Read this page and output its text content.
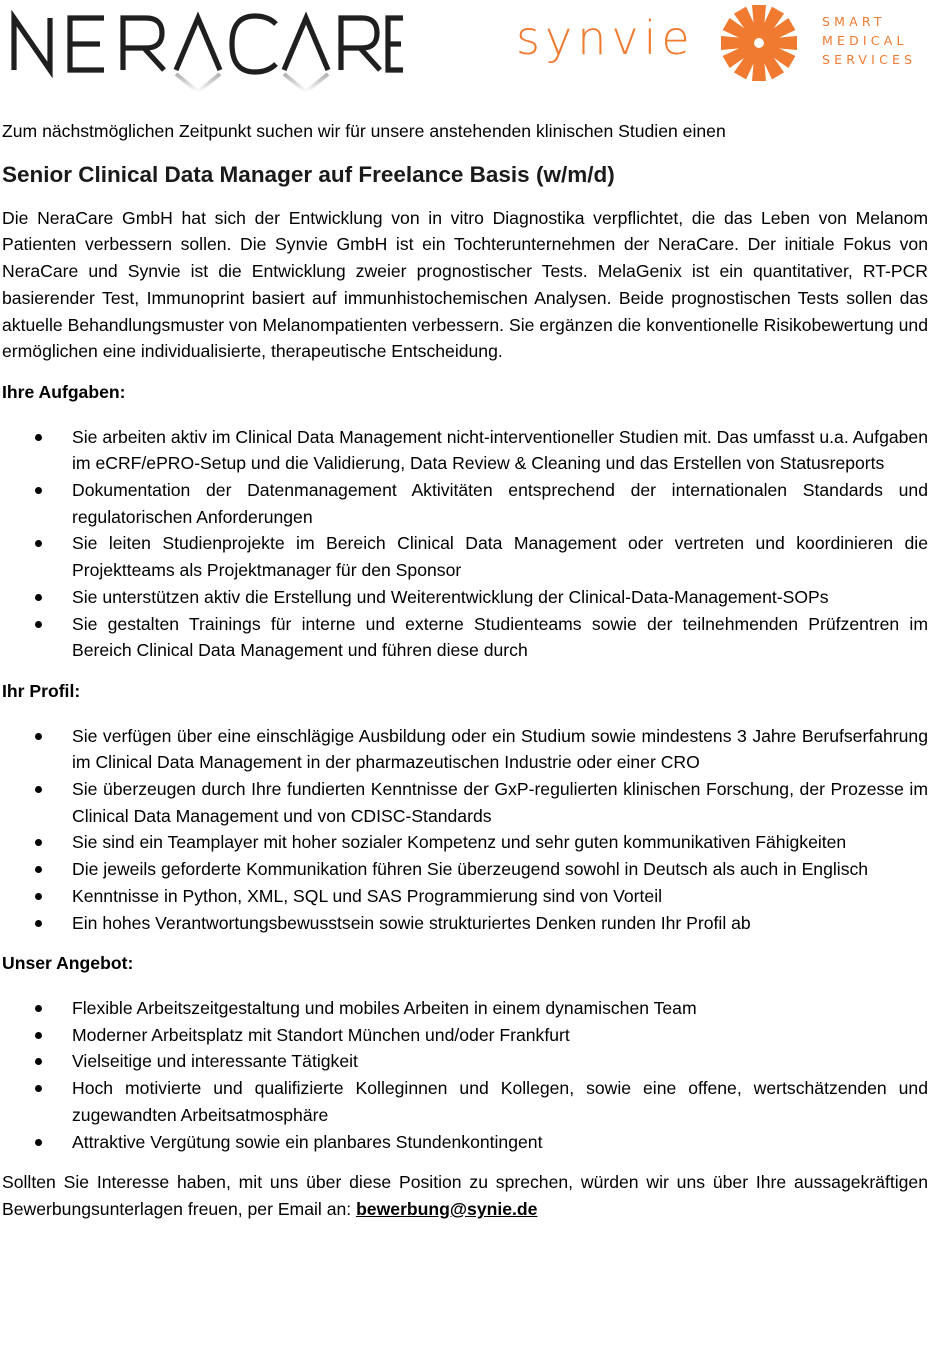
synvie	SMART
MEDICAL
SERVICES

Zum nächstmöglichen Zeitpunkt suchen wir für unsere anstehenden klinischen Studien einen

Senior Clinical Data Manager auf Freelance Basis (w/m/d)

Die NeraCare GmbH hat sich der Entwicklung von in vitro Diagnostika verpflichtet, die das Leben von Melanom Patienten verbessern sollen. Die Synvie GmbH ist ein Tochterunternehmen der NeraCare. Der initiale Fokus von NeraCare und Synvie ist die Entwicklung zweier prognostischer Tests. MelaGenix ist ein quantitativer, RT-PCR basierender Test, Immunoprint basiert auf immunhistochemischen Analysen. Beide prognostischen Tests sollen das aktuelle Behandlungsmuster von Melanompatienten verbessern. Sie ergänzen die konventionelle Risikobewertung und ermöglichen eine individualisierte, therapeutische Entscheidung.

Ihre Aufgaben:

Sie arbeiten aktiv im Clinical Data Management nicht-interventioneller Studien mit. Das umfasst u.a. Aufgaben im eCRF/ePRO-Setup und die Validierung, Data Review & Cleaning und das Erstellen von Statusreports
Dokumentation der Datenmanagement Aktivitäten entsprechend der internationalen Standards und regulatorischen Anforderungen
Sie leiten Studienprojekte im Bereich Clinical Data Management oder vertreten und koordinieren die Projektteams als Projektmanager für den Sponsor
Sie unterstützen aktiv die Erstellung und Weiterentwicklung der Clinical-Data-Management-SOPs
Sie gestalten Trainings für interne und externe Studienteams sowie der teilnehmenden Prüfzentren im Bereich Clinical Data Management und führen diese durch

Ihr Profil:

Sie verfügen über eine einschlägige Ausbildung oder ein Studium sowie mindestens 3 Jahre Berufserfahrung im Clinical Data Management in der pharmazeutischen Industrie oder einer CRO
Sie überzeugen durch Ihre fundierten Kenntnisse der GxP-regulierten klinischen Forschung, der Prozesse im Clinical Data Management und von CDISC-Standards
Sie sind ein Teamplayer mit hoher sozialer Kompetenz und sehr guten kommunikativen Fähigkeiten
Die jeweils geforderte Kommunikation führen Sie überzeugend sowohl in Deutsch als auch in Englisch
Kenntnisse in Python, XML, SQL und SAS Programmierung sind von Vorteil
Ein hohes Verantwortungsbewusstsein sowie strukturiertes Denken runden Ihr Profil ab

Unser Angebot:

Flexible Arbeitszeitgestaltung und mobiles Arbeiten in einem dynamischen Team
Moderner Arbeitsplatz mit Standort München und/oder Frankfurt
Vielseitige und interessante Tätigkeit
Hoch motivierte und qualifizierte Kolleginnen und Kollegen, sowie eine offene, wertschätzenden und zugewandten Arbeitsatmosphäre
Attraktive Vergütung sowie ein planbares Stundenkontingent

Sollten Sie Interesse haben, mit uns über diese Position zu sprechen, würden wir uns über Ihre aussagekräftigen Bewerbungsunterlagen freuen, per Email an: bewerbung@synie.de
